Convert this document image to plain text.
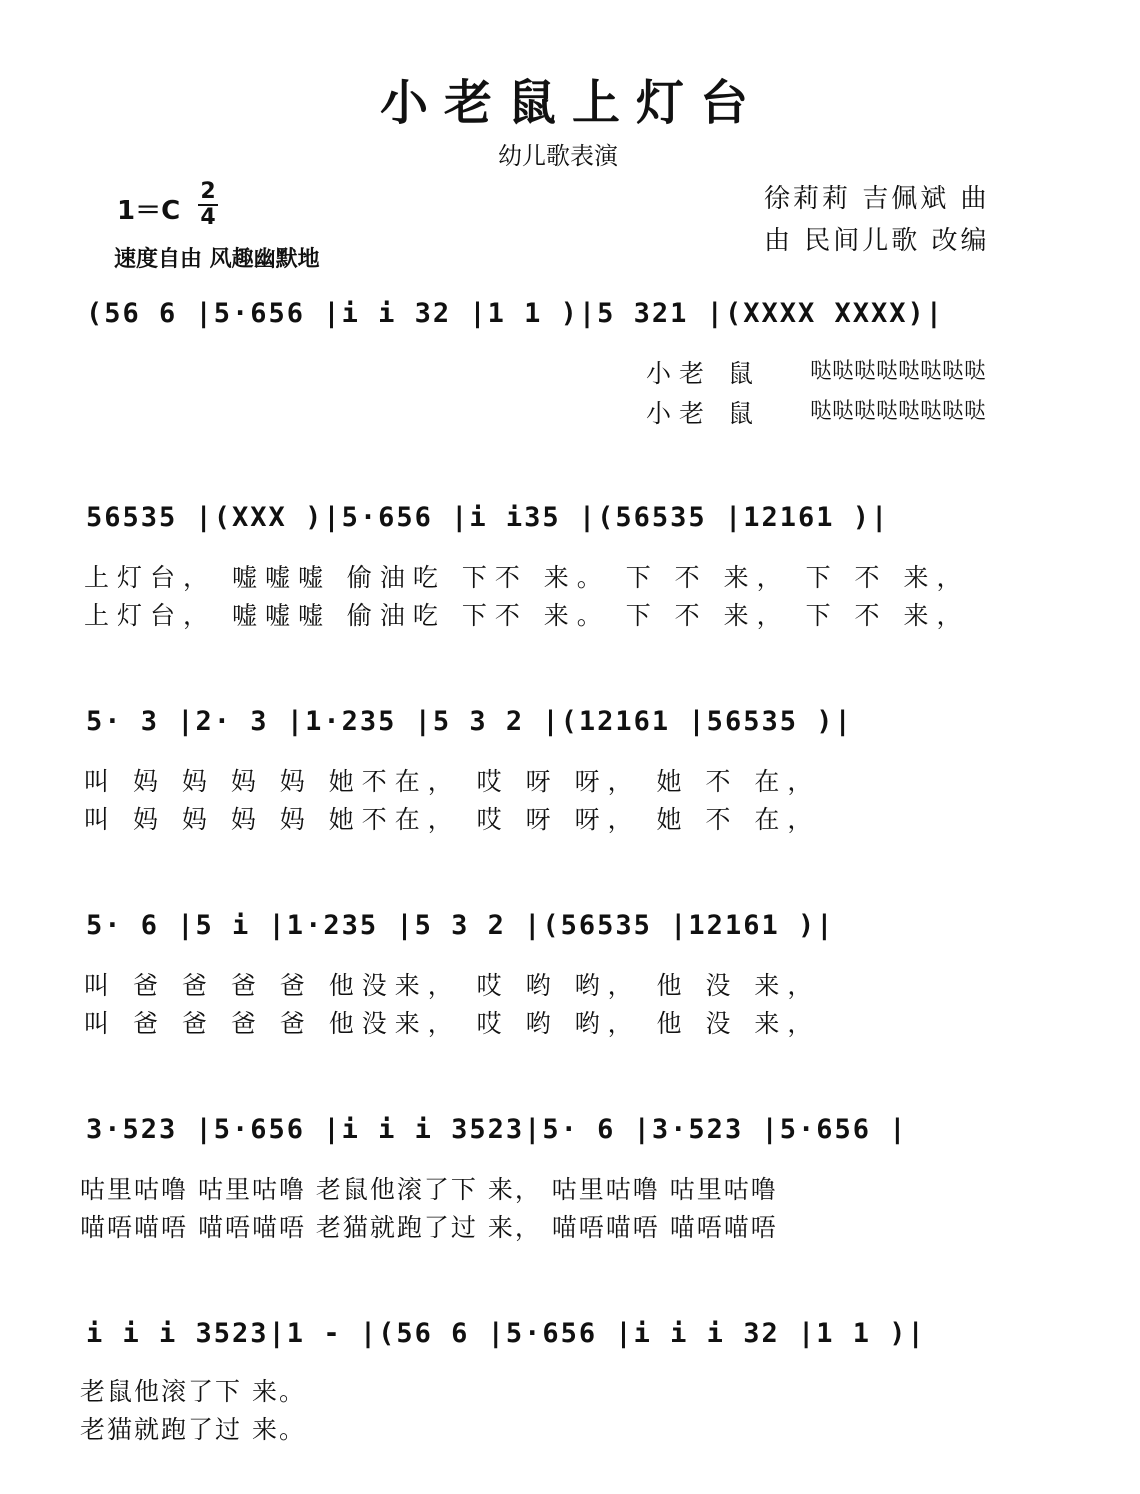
小老鼠上灯台
幼儿歌表演
1＝C
2
4
速度自由 风趣幽默地
徐莉莉 吉佩斌 曲
由 民间儿歌 改编
(56 6 |5·656 |i i 32 |1 1 )|5 321 |(XXXX XXXX)|
小老 鼠 哒哒哒哒哒哒哒哒
小老 鼠 哒哒哒哒哒哒哒哒
56535 |(XXX )|5·656 |i i35 |(56535 |12161 )|
上灯台， 嘘嘘嘘 偷油吃 下不 来。 下 不 来， 下 不 来，
上灯台， 嘘嘘嘘 偷油吃 下不 来。 下 不 来， 下 不 来，
5· 3 |2· 3 |1·235 |5 3 2 |(12161 |56535 )|
叫 妈 妈 妈 妈 她不在， 哎 呀 呀， 她 不 在，
叫 妈 妈 妈 妈 她不在， 哎 呀 呀， 她 不 在，
5· 6 |5 i |1·235 |5 3 2 |(56535 |12161 )|
叫 爸 爸 爸 爸 他没来， 哎 哟 哟， 他 没 来，
叫 爸 爸 爸 爸 他没来， 哎 哟 哟， 他 没 来，
3·523 |5·656 |i i i 3523|5· 6 |3·523 |5·656 |
咕里咕噜 咕里咕噜 老鼠他滚了下 来， 咕里咕噜 咕里咕噜
喵唔喵唔 喵唔喵唔 老猫就跑了过 来， 喵唔喵唔 喵唔喵唔
i i i 3523|1 - |(56 6 |5·656 |i i i 32 |1 1 )|
老鼠他滚了下 来。
老猫就跑了过 来。
